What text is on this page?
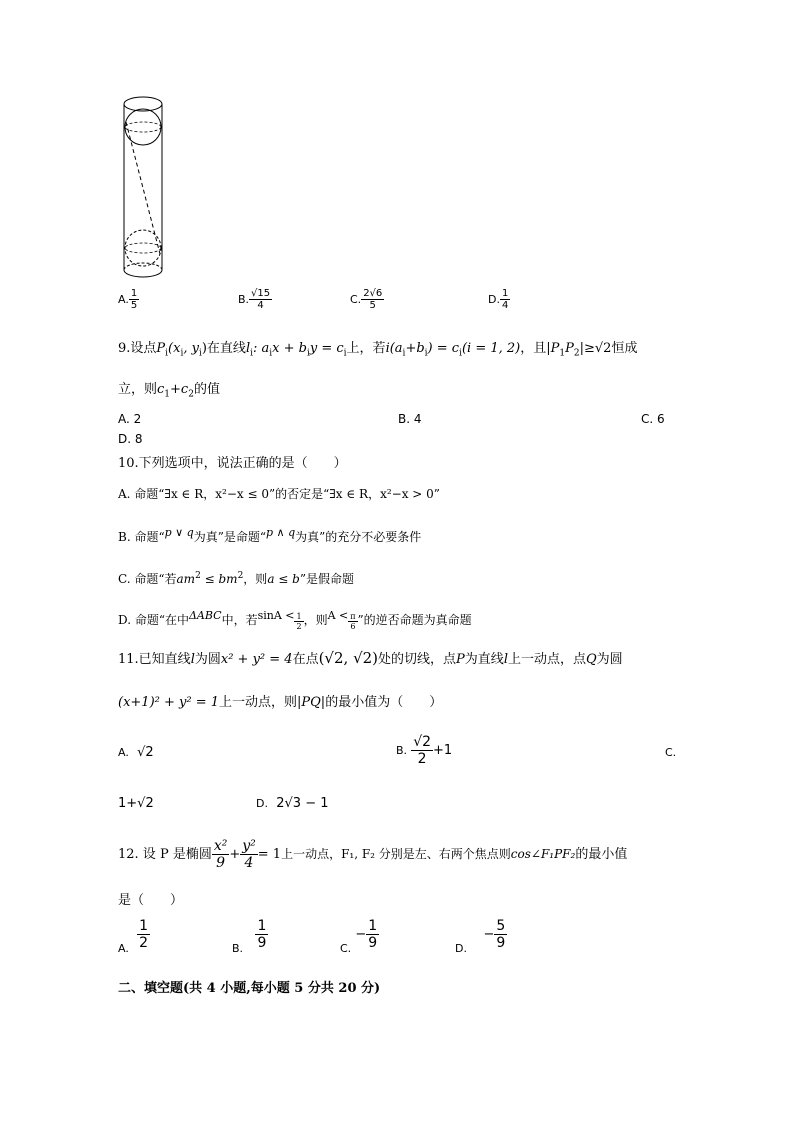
A. $\frac{1}{5}$	B. $\frac{√15}{4}$	C. $\frac{2√6}{5}$	D. $\frac{1}{4}$
9.设点$P_i(x_i$, $y_i$)在直线$l_i$: $a_ix + b_iy = c_i$上，若$i(a_i+b_i) = c_i(i = 1$, 2)，且$|P_1P_2|\ge√2$恒成
立，则$c_1+c_2$的值
A. 2	B. 4	C. 6
D. 8
10.下列选项中，说法正确的是（　　）
A. 命题“∃x ∈ R，x²−x ≤ 0”的否定是“∃x ∈ R，x²−x > 0”
B. 命题“p ∨ q为真”是命题“p ∧ q为真”的充分不必要条件
C. 命题“若$am^2 \le bm^2$，则a ≤ b”是假命题
D. 命题“在中ΔABC中，若$\sin A < \frac{1}{2}$ ，则$A < \frac{\pi}{6}$ ”的逆否命题为真命题
11.已知直线l为圆x² + y² = 4在点(√2, √2)处的切线，点P为直线l上一动点，点Q为圆
(x+1)² + y² = 1上一动点，则|PQ|的最小值为（　　）
A. √2	B. $\frac{√2}{2} +1$	C.
1+√2	D. 2√3 − 1
12. 设 P 是椭圆 $\frac{\text{x²}}{9} + \frac{\text{y²}}{4} = 1$上一动点，F₁, F₂ 分别是左、右两个焦点则cos∠F₁PF₂的最小值
是（　　）
$_{A.} \frac{1}{2}$	$_{B.} \frac{1}{9}$	$_{C.} - \frac{1}{9}$	$_{D.}$    − $\frac{5}{9}$
二、填空题(共 4 小题,每小题 5 分共 20 分)
